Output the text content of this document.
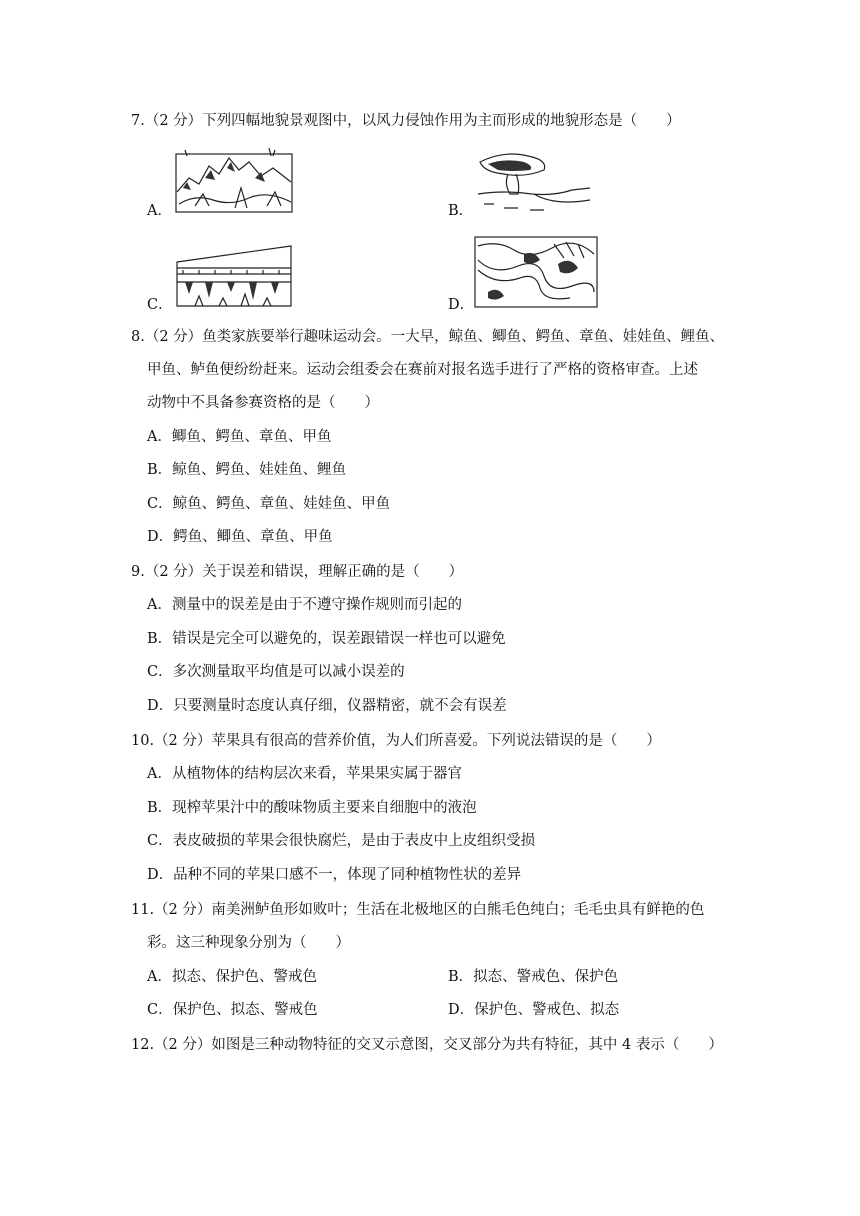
7.（2 分）下列四幅地貌景观图中，以风力侵蚀作用为主而形成的地貌形态是（　　）
A．	B．
C．	D．
8.（2 分）鱼类家族要举行趣味运动会。一大早，鲸鱼、鲫鱼、鳄鱼、章鱼、娃娃鱼、鲤鱼、
甲鱼、鲈鱼便纷纷赶来。运动会组委会在赛前对报名选手进行了严格的资格审查。上述
动物中不具备参赛资格的是（　　）
A．鲫鱼、鳄鱼、章鱼、甲鱼
B．鲸鱼、鳄鱼、娃娃鱼、鲤鱼
C．鲸鱼、鳄鱼、章鱼、娃娃鱼、甲鱼
D．鳄鱼、鲫鱼、章鱼、甲鱼
9.（2 分）关于误差和错误，理解正确的是（　　）
A．测量中的误差是由于不遵守操作规则而引起的
B．错误是完全可以避免的，误差跟错误一样也可以避免
C．多次测量取平均值是可以减小误差的
D．只要测量时态度认真仔细，仪器精密，就不会有误差
10.（2 分）苹果具有很高的营养价值，为人们所喜爱。下列说法错误的是（　　）
A．从植物体的结构层次来看，苹果果实属于器官
B．现榨苹果汁中的酸味物质主要来自细胞中的液泡
C．表皮破损的苹果会很快腐烂，是由于表皮中上皮组织受损
D．品种不同的苹果口感不一，体现了同种植物性状的差异
11.（2 分）南美洲鲈鱼形如败叶；生活在北极地区的白熊毛色纯白；毛毛虫具有鲜艳的色
彩。这三种现象分别为（　　）
A．拟态、保护色、警戒色	B．拟态、警戒色、保护色
C．保护色、拟态、警戒色	D．保护色、警戒色、拟态
12.（2 分）如图是三种动物特征的交叉示意图，交叉部分为共有特征，其中 4 表示（　　）
